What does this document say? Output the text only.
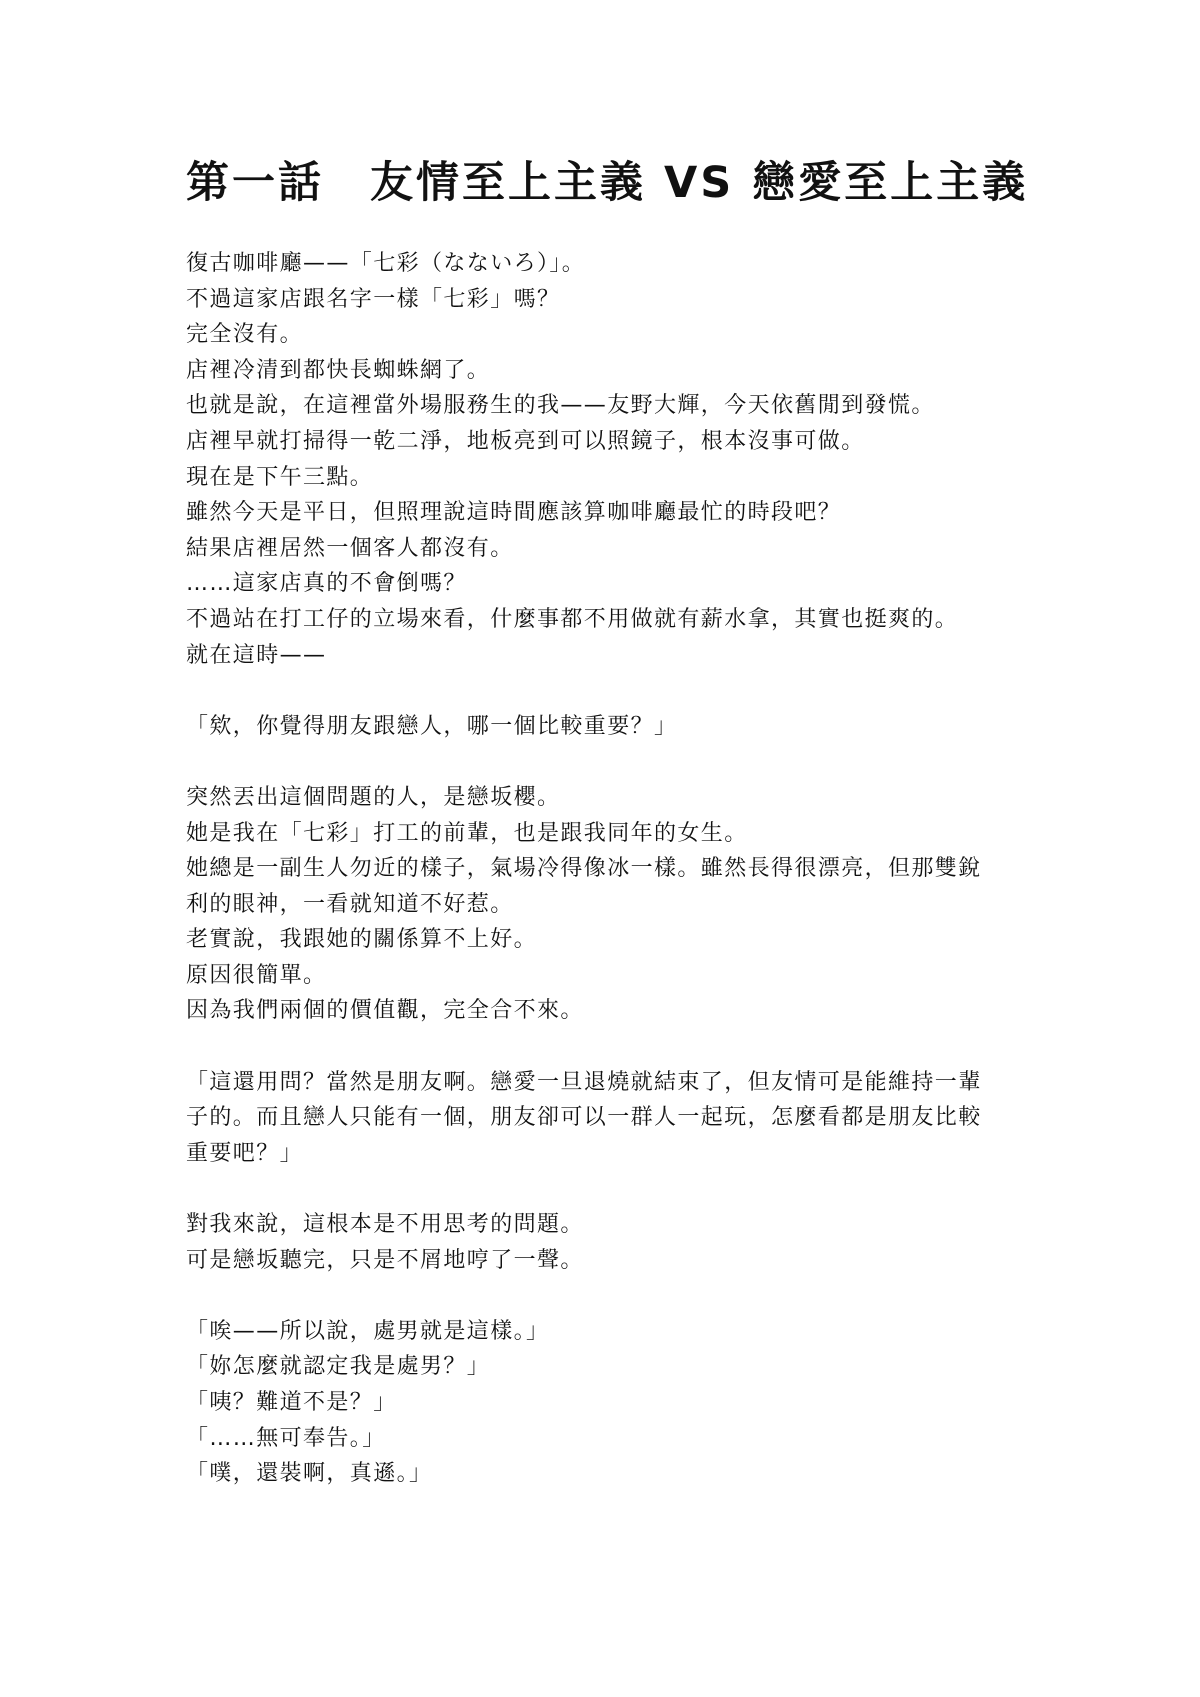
第一話　友情至上主義 VS 戀愛至上主義

復古咖啡廳——「七彩（なないろ）」。

不過這家店跟名字一樣「七彩」嗎？

完全沒有。

店裡冷清到都快長蜘蛛網了。

也就是說，在這裡當外場服務生的我——友野大輝，今天依舊閒到發慌。

店裡早就打掃得一乾二淨，地板亮到可以照鏡子，根本沒事可做。

現在是下午三點。

雖然今天是平日，但照理說這時間應該算咖啡廳最忙的時段吧？

結果店裡居然一個客人都沒有。

……這家店真的不會倒嗎？

不過站在打工仔的立場來看，什麼事都不用做就有薪水拿，其實也挺爽的。

就在這時——

「欸，你覺得朋友跟戀人，哪一個比較重要？」

突然丟出這個問題的人，是戀坂櫻。

她是我在「七彩」打工的前輩，也是跟我同年的女生。

她總是一副生人勿近的樣子，氣場冷得像冰一樣。雖然長得很漂亮，但那雙銳

利的眼神，一看就知道不好惹。

老實說，我跟她的關係算不上好。

原因很簡單。

因為我們兩個的價值觀，完全合不來。

「這還用問？當然是朋友啊。戀愛一旦退燒就結束了，但友情可是能維持一輩

子的。而且戀人只能有一個，朋友卻可以一群人一起玩，怎麼看都是朋友比較

重要吧？」

對我來說，這根本是不用思考的問題。

可是戀坂聽完，只是不屑地哼了一聲。

「唉——所以說，處男就是這樣。」

「妳怎麼就認定我是處男？」

「咦？難道不是？」

「……無可奉告。」

「噗，還裝啊，真遜。」
